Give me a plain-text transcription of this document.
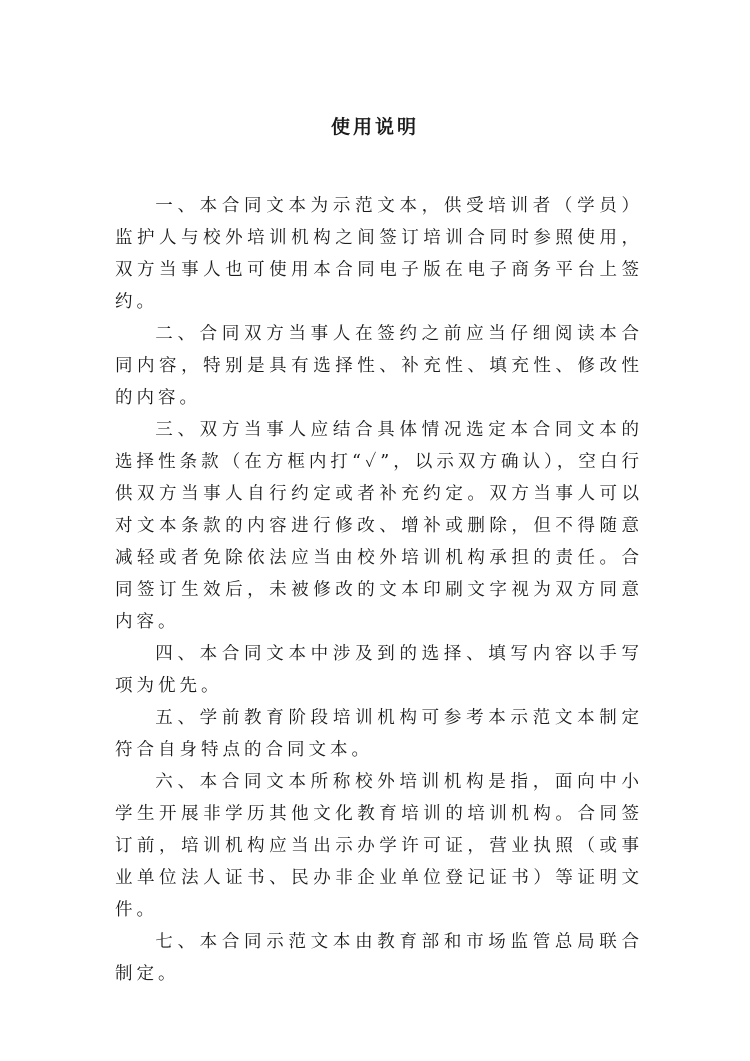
使用说明

一、本合同文本为示范文本，供受培训者（学员）监护人与校外培训机构之间签订培训合同时参照使用，双方当事人也可使用本合同电子版在电子商务平台上签约。

二、合同双方当事人在签约之前应当仔细阅读本合同内容，特别是具有选择性、补充性、填充性、修改性的内容。

三、双方当事人应结合具体情况选定本合同文本的选择性条款（在方框内打“✓”，以示双方确认），空白行供双方当事人自行约定或者补充约定。双方当事人可以对文本条款的内容进行修改、增补或删除，但不得随意减轻或者免除依法应当由校外培训机构承担的责任。合同签订生效后，未被修改的文本印刷文字视为双方同意内容。

四、本合同文本中涉及到的选择、填写内容以手写项为优先。

五、学前教育阶段培训机构可参考本示范文本制定符合自身特点的合同文本。

六、本合同文本所称校外培训机构是指，面向中小学生开展非学历其他文化教育培训的培训机构。合同签订前，培训机构应当出示办学许可证，营业执照（或事业单位法人证书、民办非企业单位登记证书）等证明文件。

七、本合同示范文本由教育部和市场监管总局联合制定。
